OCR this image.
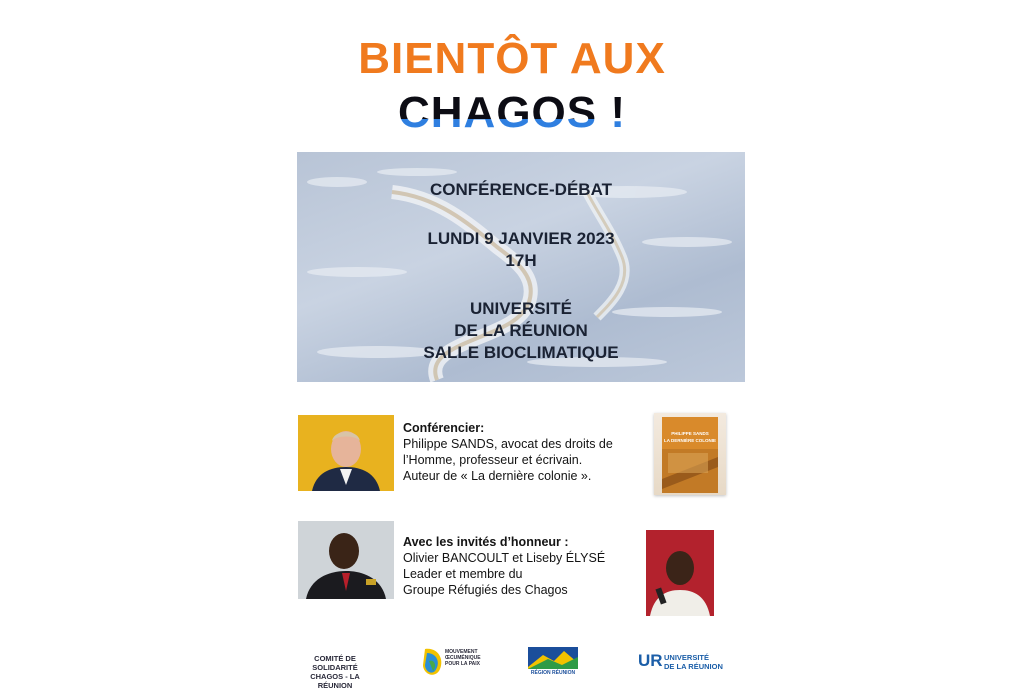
BIENTÔT AUX
CHAGOS !
CONFÉRENCE-DÉBAT
LUNDI 9 JANVIER 2023
17H
UNIVERSITÉ
DE LA RÉUNION
SALLE BIOCLIMATIQUE
Conférencier:
Philippe SANDS, avocat des droits de
l’Homme, professeur et écrivain.
Auteur de « La dernière colonie ».
PHILIPPE SANDS
LA DERNIÈRE COLONIE
Avec les invités d’honneur :
Olivier BANCOULT et Liseby ÉLYSÉ
Leader et membre du
Groupe Réfugiés des Chagos
COMITÉ DE SOLIDARITÉ
CHAGOS - LA RÉUNION
MOUVEMENT
ŒCUMÉNIQUE
POUR LA PAIX
RÉGION RÉUNION
UR UNIVERSITÉ
DE LA RÉUNION
